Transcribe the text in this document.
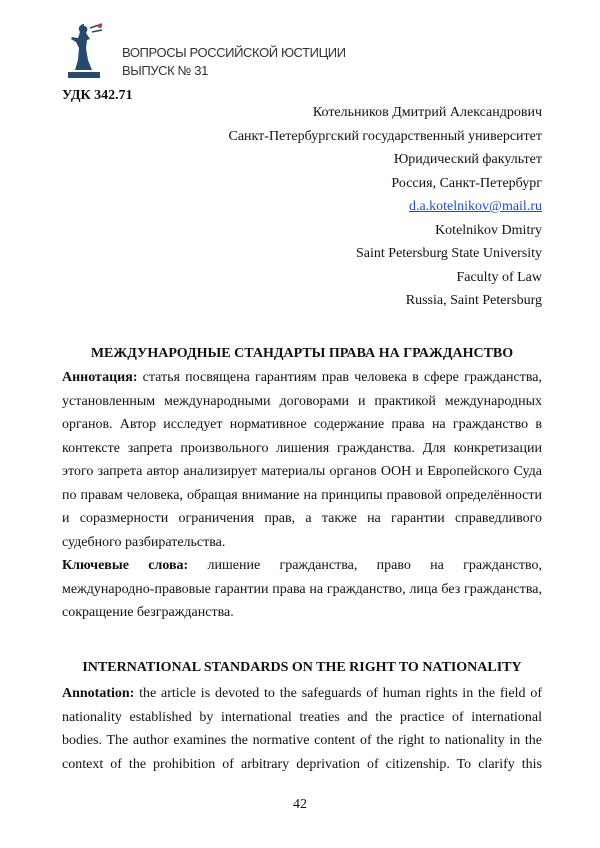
ВОПРОСЫ РОССИЙСКОЙ ЮСТИЦИИ
ВЫПУСК № 31
УДК 342.71
Котельников Дмитрий Александрович
Санкт-Петербургский государственный университет
Юридический факультет
Россия, Санкт-Петербург
d.a.kotelnikov@mail.ru
Kotelnikov Dmitry
Saint Petersburg State University
Faculty of Law
Russia, Saint Petersburg
МЕЖДУНАРОДНЫЕ СТАНДАРТЫ ПРАВА НА ГРАЖДАНСТВО
Аннотация: статья посвящена гарантиям прав человека в сфере гражданства,
установленным международными договорами и практикой международных
органов. Автор исследует нормативное содержание права на гражданство в
контексте запрета произвольного лишения гражданства. Для конкретизации
этого запрета автор анализирует материалы органов ООН и Европейского Суда
по правам человека, обращая внимание на принципы правовой определённости
и соразмерности ограничения прав, а также на гарантии справедливого
судебного разбирательства.
Ключевые слова: лишение гражданства, право на гражданство,
международно-правовые гарантии права на гражданство, лица без гражданства,
сокращение безгражданства.
INTERNATIONAL STANDARDS ON THE RIGHT TO NATIONALITY
Annotation: the article is devoted to the safeguards of human rights in the field of
nationality established by international treaties and the practice of international
bodies. The author examines the normative content of the right to nationality in the
context of the prohibition of arbitrary deprivation of citizenship. To clarify this
42
